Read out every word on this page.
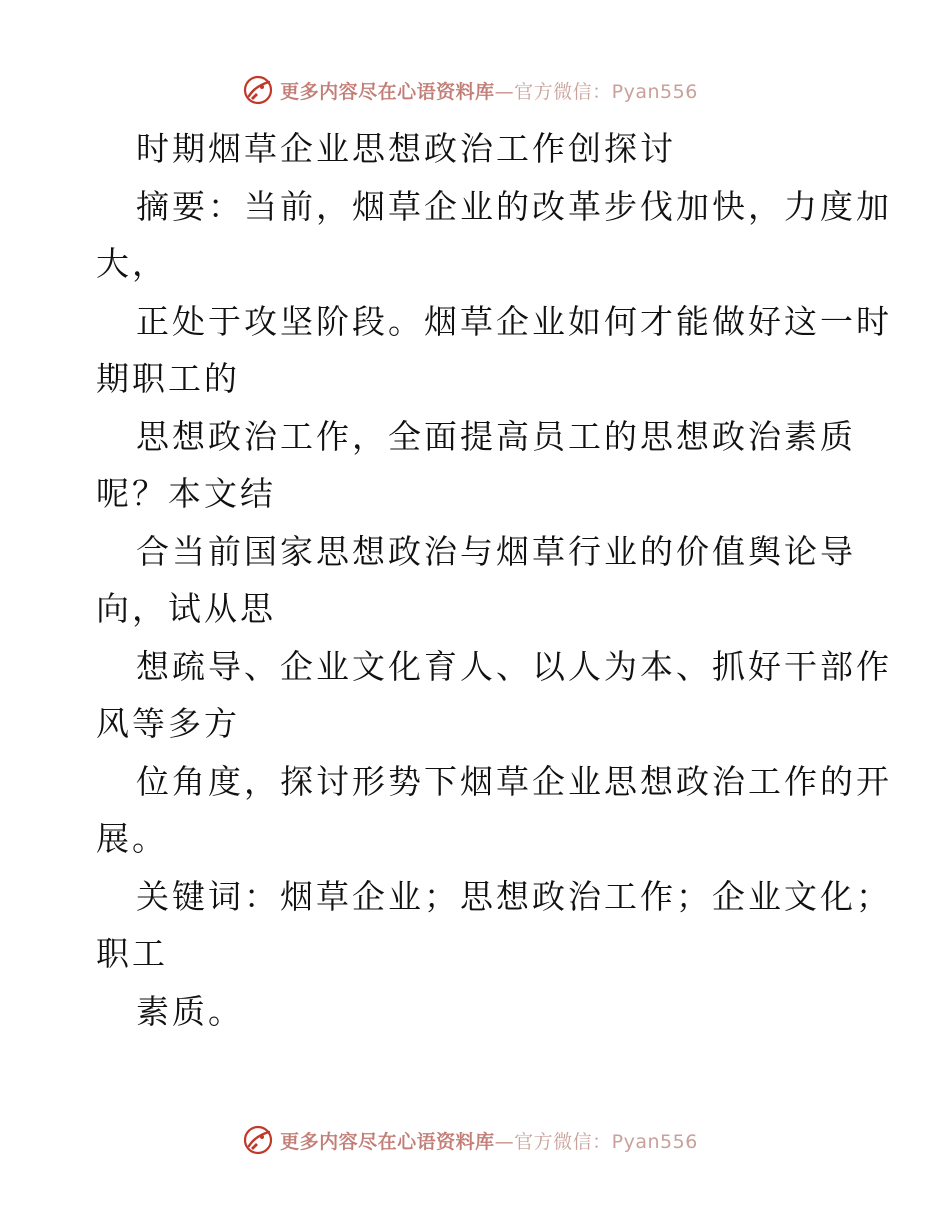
更多内容尽在心语资料库—官方微信：Pyan556

时期烟草企业思想政治工作创探讨

摘要：当前，烟草企业的改革步伐加快，力度加

大，

正处于攻坚阶段。烟草企业如何才能做好这一时

期职工的

思想政治工作，全面提高员工的思想政治素质

呢？本文结

合当前国家思想政治与烟草行业的价值舆论导

向，试从思

想疏导、企业文化育人、以人为本、抓好干部作

风等多方

位角度，探讨形势下烟草企业思想政治工作的开

展。

关键词：烟草企业；思想政治工作；企业文化；

职工

素质。

更多内容尽在心语资料库—官方微信：Pyan556
